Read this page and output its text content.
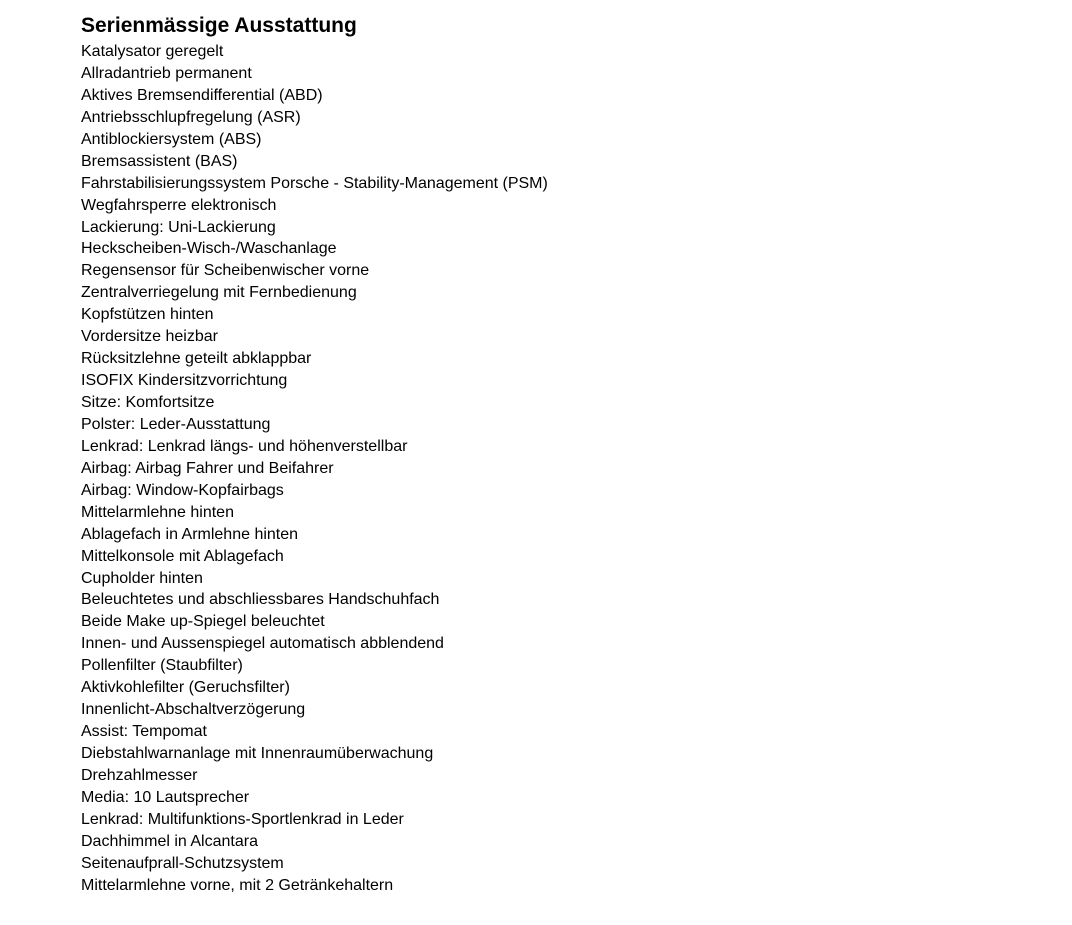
Serienmässige Ausstattung
Katalysator geregelt
Allradantrieb permanent
Aktives Bremsendifferential (ABD)
Antriebsschlupfregelung (ASR)
Antiblockiersystem (ABS)
Bremsassistent (BAS)
Fahrstabilisierungssystem Porsche - Stability-Management (PSM)
Wegfahrsperre elektronisch
Lackierung: Uni-Lackierung
Heckscheiben-Wisch-/Waschanlage
Regensensor für Scheibenwischer vorne
Zentralverriegelung mit Fernbedienung
Kopfstützen hinten
Vordersitze heizbar
Rücksitzlehne geteilt abklappbar
ISOFIX Kindersitzvorrichtung
Sitze: Komfortsitze
Polster: Leder-Ausstattung
Lenkrad: Lenkrad längs- und höhenverstellbar
Airbag: Airbag Fahrer und Beifahrer
Airbag: Window-Kopfairbags
Mittelarmlehne hinten
Ablagefach in Armlehne hinten
Mittelkonsole mit Ablagefach
Cupholder hinten
Beleuchtetes und abschliessbares Handschuhfach
Beide Make up-Spiegel beleuchtet
Innen- und Aussenspiegel automatisch abblendend
Pollenfilter (Staubfilter)
Aktivkohlefilter (Geruchsfilter)
Innenlicht-Abschaltverzögerung
Assist: Tempomat
Diebstahlwarnanlage mit Innenraumüberwachung
Drehzahlmesser
Media: 10 Lautsprecher
Lenkrad: Multifunktions-Sportlenkrad in Leder
Dachhimmel in Alcantara
Seitenaufprall-Schutzsystem
Mittelarmlehne vorne, mit 2 Getränkehaltern
